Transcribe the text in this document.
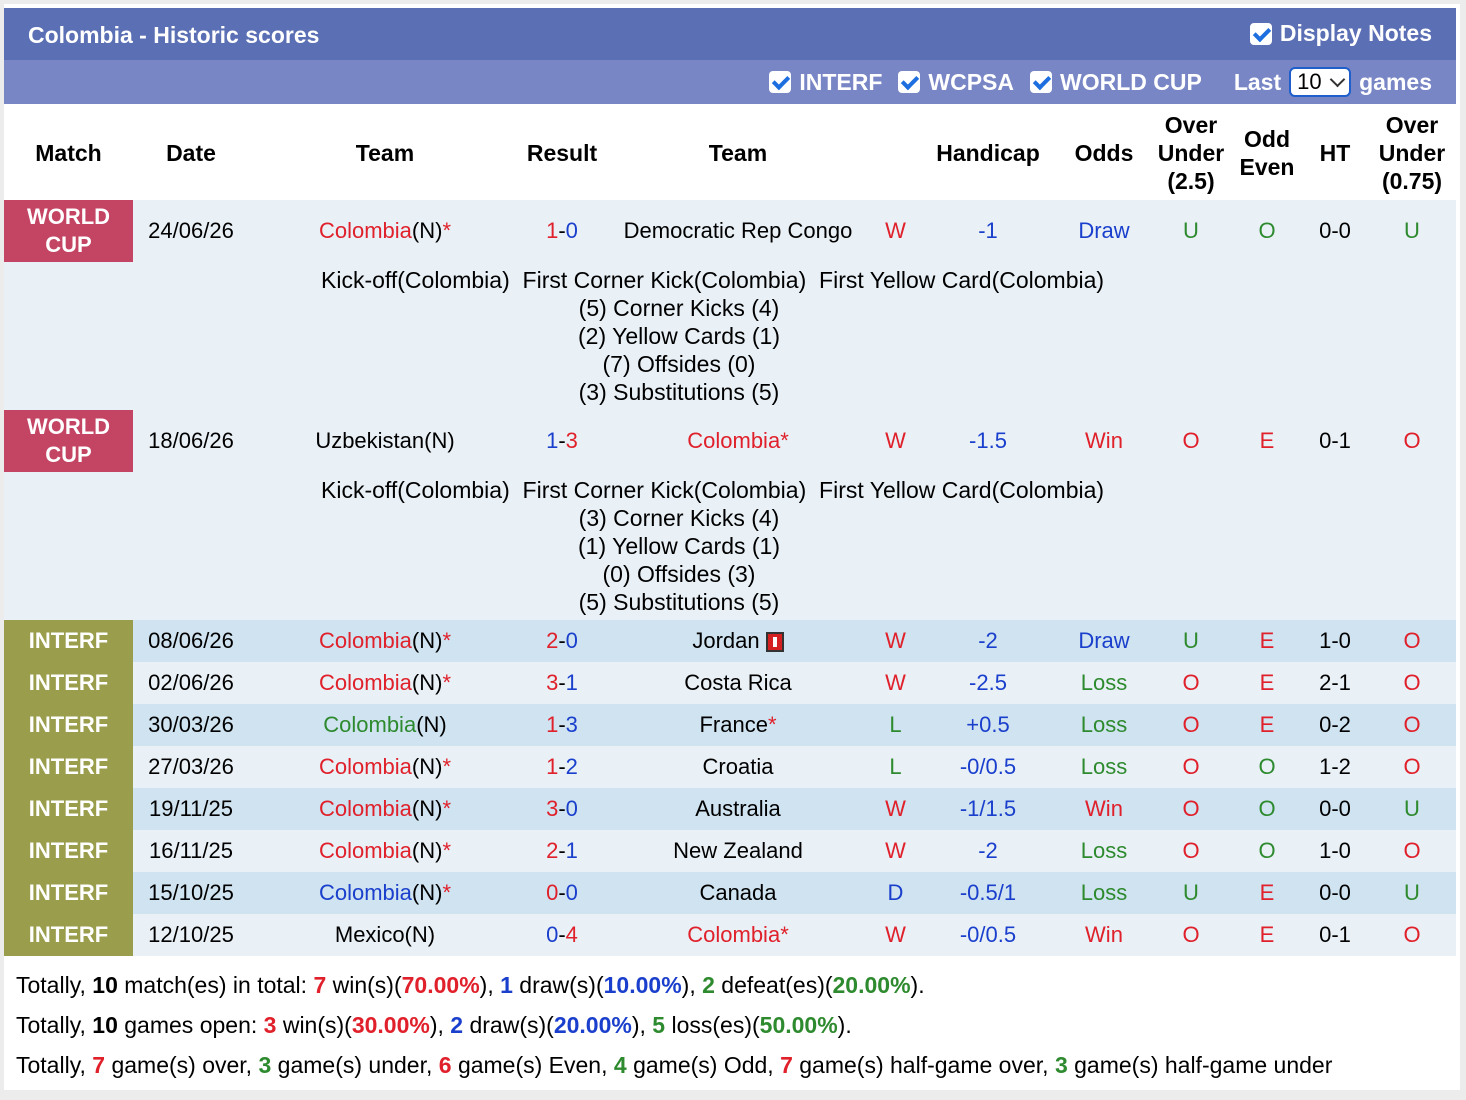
Colombia - Historic scores	Display Notes
INTERF WCPSA WORLD CUP Last 10 games
Match	Date	Team	Result	Team		Handicap	Odds	Over Under (2.5)	Odd Even	HT	Over Under (0.75)
WORLD CUP	24/06/26	Colombia(N)*	1-0	Democratic Rep Congo	W	-1	Draw	U	O	0-0	U

		Kick-off(Colombia) First Corner Kick(Colombia) First Yellow Card(Colombia)
(5) Corner Kicks (4)
(2) Yellow Cards (1)
(7) Offsides (0)
(3) Substitutions (5)									

WORLD CUP	18/06/26	Uzbekistan(N)	1-3	Colombia*	W	-1.5	Win	O	E	0-1	O

		Kick-off(Colombia) First Corner Kick(Colombia) First Yellow Card(Colombia)
(3) Corner Kicks (4)
(1) Yellow Cards (1)
(0) Offsides (3)
(5) Substitutions (5)									

INTERF	08/06/26	Colombia(N)*	2-0	Jordan	W	-2	Draw	U	E	1-0	O
INTERF	02/06/26	Colombia(N)*	3-1	Costa Rica	W	-2.5	Loss	O	E	2-1	O
INTERF	30/03/26	Colombia(N)	1-3	France*	L	+0.5	Loss	O	E	0-2	O
INTERF	27/03/26	Colombia(N)*	1-2	Croatia	L	-0/0.5	Loss	O	O	1-2	O
INTERF	19/11/25	Colombia(N)*	3-0	Australia	W	-1/1.5	Win	O	O	0-0	U
INTERF	16/11/25	Colombia(N)*	2-1	New Zealand	W	-2	Loss	O	O	1-0	O
INTERF	15/10/25	Colombia(N)*	0-0	Canada	D	-0.5/1	Loss	U	E	0-0	U
INTERF	12/10/25	Mexico(N)	0-4	Colombia*	W	-0/0.5	Win	O	E	0-1	O
Totally, 10 match(es) in total: 7 win(s)(70.00%), 1 draw(s)(10.00%), 2 defeat(es)(20.00%).
Totally, 10 games open: 3 win(s)(30.00%), 2 draw(s)(20.00%), 5 loss(es)(50.00%).
Totally, 7 game(s) over, 3 game(s) under, 6 game(s) Even, 4 game(s) Odd, 7 game(s) half-game over, 3 game(s) half-game under
